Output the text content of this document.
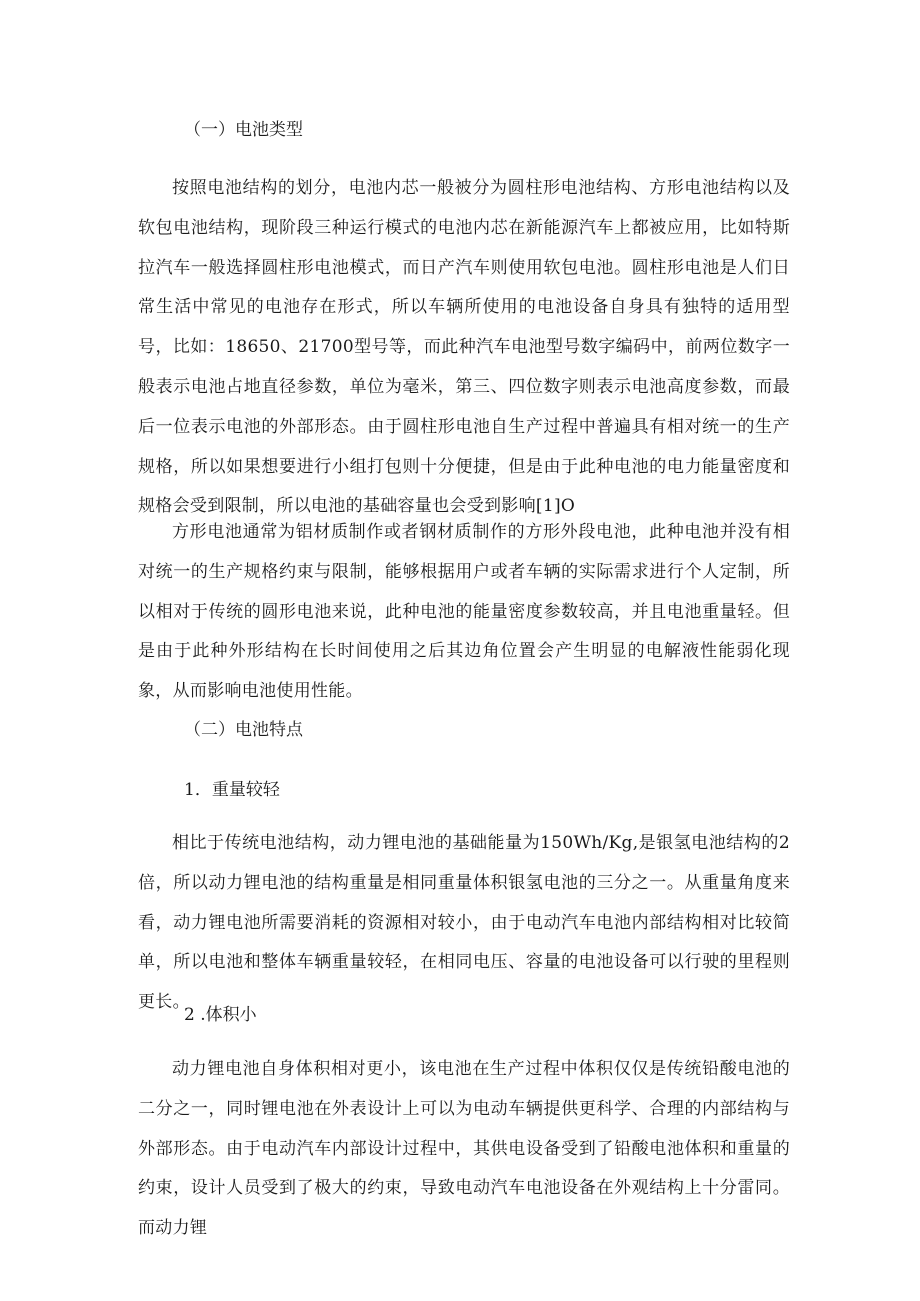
（一）电池类型
按照电池结构的划分，电池内芯一般被分为圆柱形电池结构、方形电池结构以及软包电池结构，现阶段三种运行模式的电池内芯在新能源汽车上都被应用，比如特斯拉汽车一般选择圆柱形电池模式，而日产汽车则使用软包电池。圆柱形电池是人们日常生活中常见的电池存在形式，所以车辆所使用的电池设备自身具有独特的适用型号，比如：18650、21700型号等，而此种汽车电池型号数字编码中，前两位数字一般表示电池占地直径参数，单位为毫米，第三、四位数字则表示电池高度参数，而最后一位表示电池的外部形态。由于圆柱形电池自生产过程中普遍具有相对统一的生产规格，所以如果想要进行小组打包则十分便捷，但是由于此种电池的电力能量密度和规格会受到限制，所以电池的基础容量也会受到影响[1]O
方形电池通常为铝材质制作或者钢材质制作的方形外段电池，此种电池并没有相对统一的生产规格约束与限制，能够根据用户或者车辆的实际需求进行个人定制，所以相对于传统的圆形电池来说，此种电池的能量密度参数较高，并且电池重量轻。但是由于此种外形结构在长时间使用之后其边角位置会产生明显的电解液性能弱化现象，从而影响电池使用性能。
（二）电池特点
1．重量较轻
相比于传统电池结构，动力锂电池的基础能量为150Wh/Kg,是银氢电池结构的2倍，所以动力锂电池的结构重量是相同重量体积银氢电池的三分之一。从重量角度来看，动力锂电池所需要消耗的资源相对较小，由于电动汽车电池内部结构相对比较简单，所以电池和整体车辆重量较轻，在相同电压、容量的电池设备可以行驶的里程则更长。
2 .体积小
动力锂电池自身体积相对更小，该电池在生产过程中体积仅仅是传统铅酸电池的二分之一，同时锂电池在外表设计上可以为电动车辆提供更科学、合理的内部结构与外部形态。由于电动汽车内部设计过程中，其供电设备受到了铅酸电池体积和重量的约束，设计人员受到了极大的约束，导致电动汽车电池设备在外观结构上十分雷同。而动力锂
